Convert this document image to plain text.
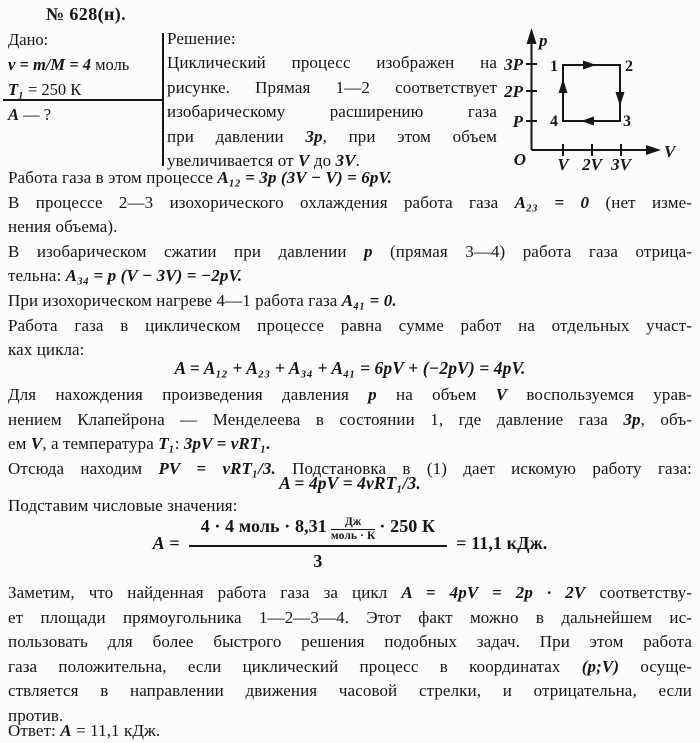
№ 628(н).
Дано:
ν = m/M = 4 моль
T₁ = 250 К
A — ?
Решение:
Циклический процесс изображен на
рисунке. Прямая 1—2 соответствует
изобарическому расширению газа
при давлении 3p, при этом объем
увеличивается от V до 3V.
p
V
O
3P
2P
P
V 2V 3V
1	2
3
4
Работа газа в этом процессе A₁₂ = 3p (3V − V) = 6pV.
В процессе 2—3 изохорического охлаждения работа газа A₂₃ = 0 (нет изме-
нения объема).
В изобарическом сжатии при давлении p (прямая 3—4) работа газа отрица-
тельна: A₃₄ = p (V − 3V) = −2pV.
При изохорическом нагреве 4—1 работа газа A₄₁ = 0.
Работа газа в циклическом процессе равна сумме работ на отдельных участ-
ках цикла:
A = A₁₂ + A₂₃ + A₃₄ + A₄₁ = 6pV + (−2pV) = 4pV.
Для нахождения произведения давления p на объем V воспользуемся урав-
нением Клапейрона — Менделеева в состоянии 1, где давление газа 3p, объ-
ем V, а температура T₁: 3pV = νRT₁.
Отсюда находим PV = νRT₁/3. Подстановка в (1) дает искомую работу газа:
A = 4pV = 4νRT₁/3.
Подставим числовые значения:
A = 4 · 4 моль · 8,31	Дж
моль · К
· 250 К
3 = 11,1 кДж.
Заметим, что найденная работа газа за цикл A = 4pV = 2p · 2V соответству-
ет площади прямоугольника 1—2—3—4. Этот факт можно в дальнейшем ис-
пользовать для более быстрого решения подобных задач. При этом работа
газа положительна, если циклический процесс в координатах (p;V) осуще-
ствляется в направлении движения часовой стрелки, и отрицательна, если
против.
Ответ: A = 11,1 кДж.
